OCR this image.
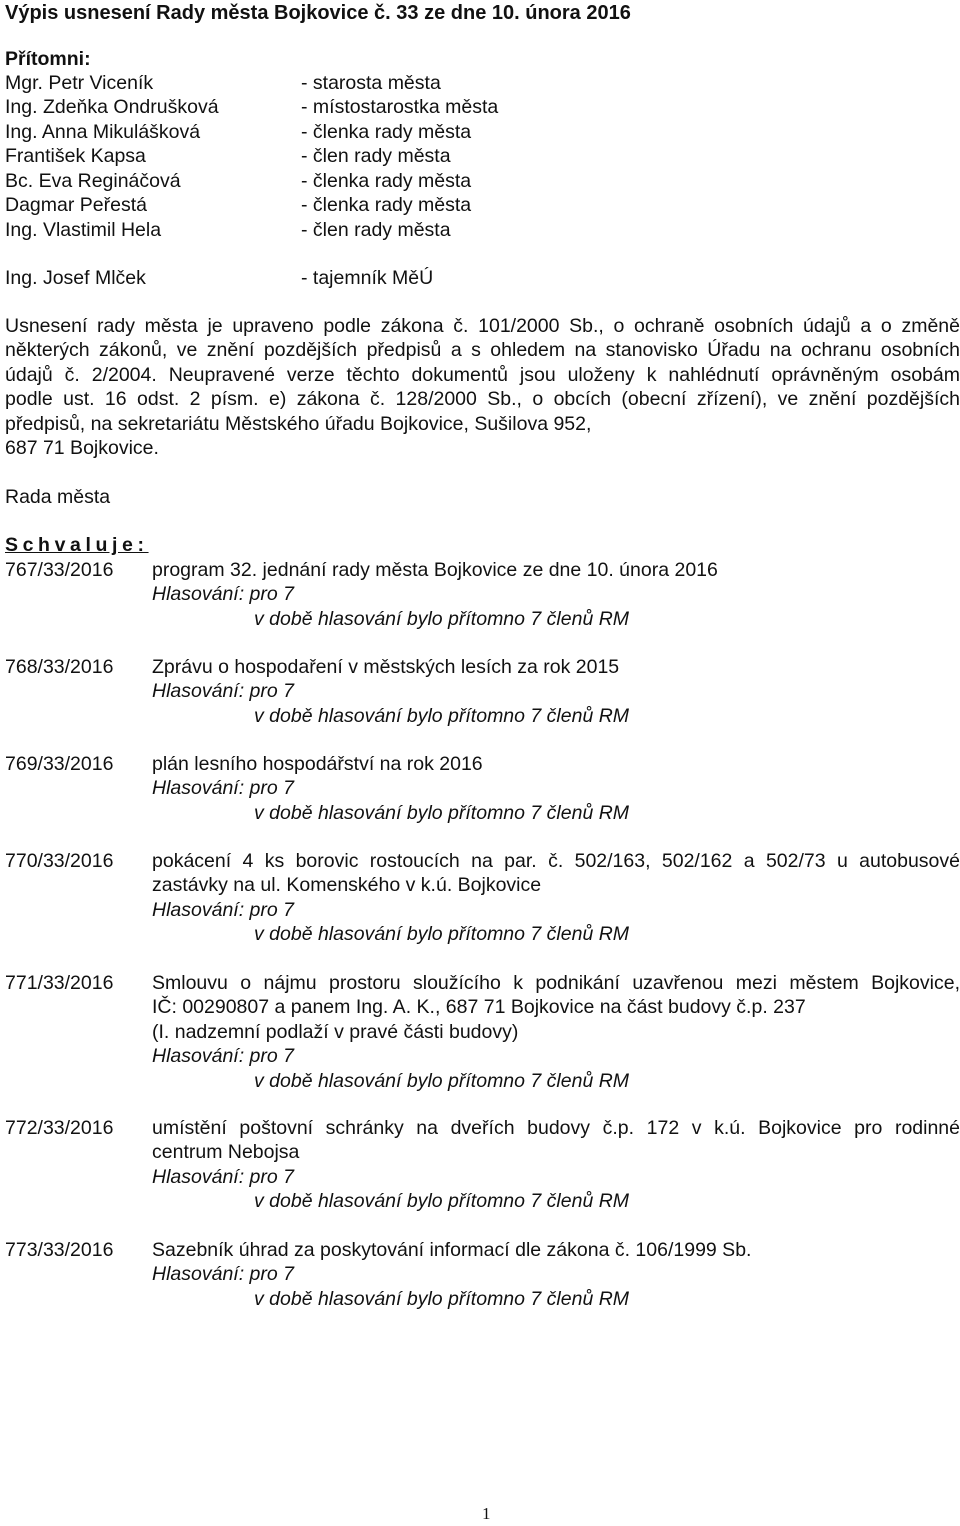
Výpis usnesení Rady města Bojkovice č. 33 ze dne 10. února 2016
Přítomni:
Mgr. Petr Viceník	- starosta města
Ing. Zdeňka Ondrušková	- místostarostka města
Ing. Anna Mikulášková	- členka rady města
František Kapsa	- člen rady města
Bc. Eva Regináčová	- členka rady města
Dagmar Peřestá	- členka rady města
Ing. Vlastimil Hela	- člen rady města
Ing. Josef Mlček	- tajemník MěÚ
Usnesení rady města je upraveno podle zákona č. 101/2000 Sb., o ochraně osobních údajů a o změně
některých zákonů, ve znění pozdějších předpisů a s ohledem na stanovisko Úřadu na ochranu osobních
údajů č. 2/2004. Neupravené verze těchto dokumentů jsou uloženy k nahlédnutí oprávněným osobám
podle ust. 16 odst. 2 písm. e) zákona č. 128/2000 Sb., o obcích (obecní zřízení), ve znění pozdějších
předpisů, na sekretariátu Městského úřadu Bojkovice, Sušilova 952,
687 71 Bojkovice.
Rada města
Schvaluje:
767/33/2016 program 32. jednání rady města Bojkovice ze dne 10. února 2016
Hlasování: pro 7
v době hlasování bylo přítomno 7 členů RM
768/33/2016 Zprávu o hospodaření v městských lesích za rok 2015
Hlasování: pro 7
v době hlasování bylo přítomno 7 členů RM
769/33/2016 plán lesního hospodářství na rok 2016
Hlasování: pro 7
v době hlasování bylo přítomno 7 členů RM
770/33/2016 pokácení 4 ks borovic rostoucích na par. č. 502/163, 502/162 a 502/73 u autobusové
zastávky na ul. Komenského v k.ú. Bojkovice
Hlasování: pro 7
v době hlasování bylo přítomno 7 členů RM
771/33/2016 Smlouvu o nájmu prostoru sloužícího k podnikání uzavřenou mezi městem Bojkovice,
IČ: 00290807 a panem Ing. A. K., 687 71 Bojkovice na část budovy č.p. 237
(I. nadzemní podlaží v pravé části budovy)
Hlasování: pro 7
v době hlasování bylo přítomno 7 členů RM
772/33/2016 umístění poštovní schránky na dveřích budovy č.p. 172 v k.ú. Bojkovice pro rodinné
centrum Nebojsa
Hlasování: pro 7
v době hlasování bylo přítomno 7 členů RM
773/33/2016 Sazebník úhrad za poskytování informací dle zákona č. 106/1999 Sb.
Hlasování: pro 7
v době hlasování bylo přítomno 7 členů RM
1
